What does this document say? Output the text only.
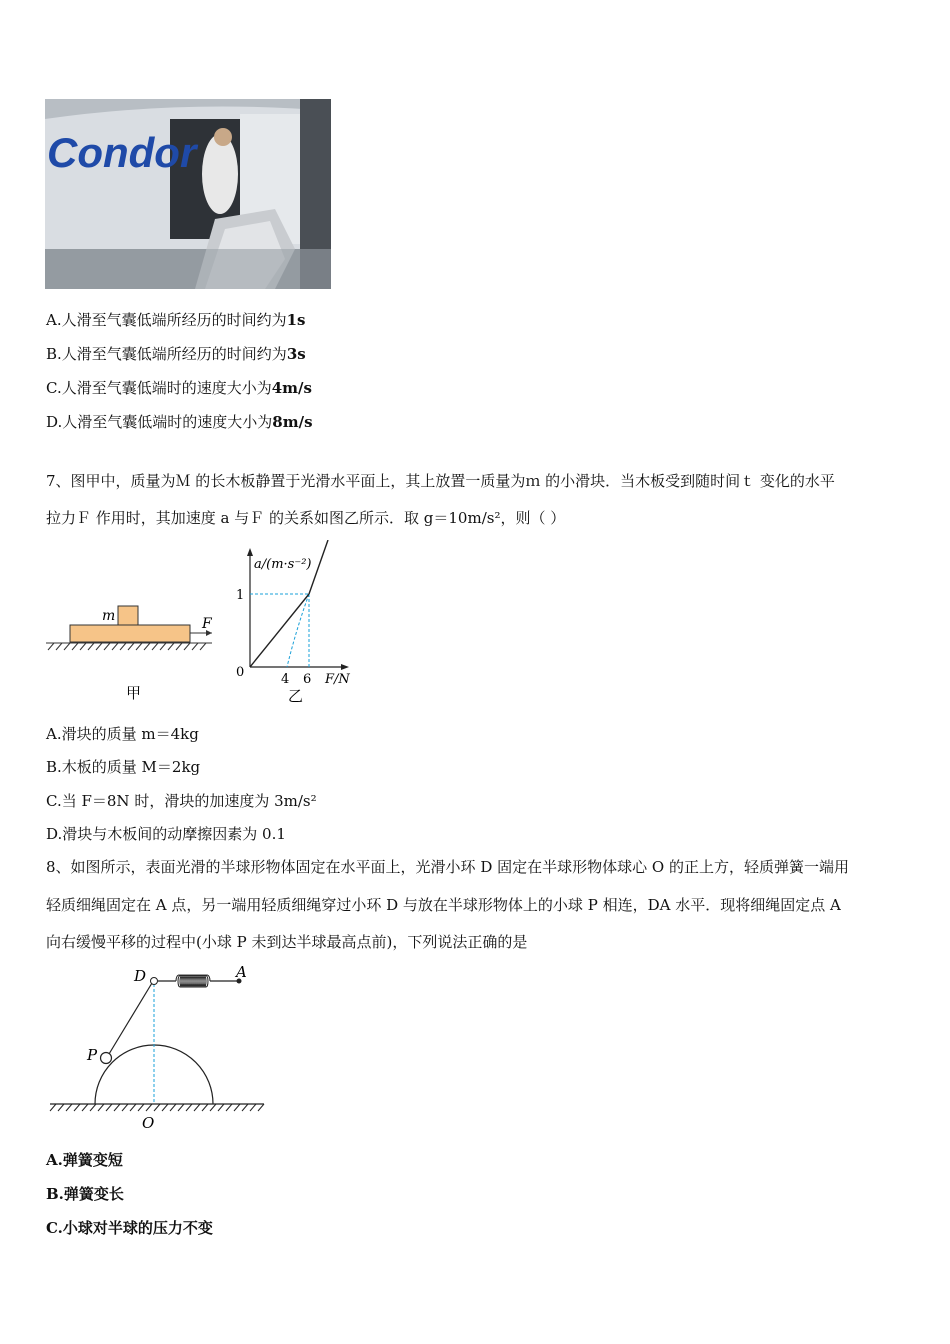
Condor
A.人滑至气囊低端所经历的时间约为1s
B.人滑至气囊低端所经历的时间约为3s
C.人滑至气囊低端时的速度大小为4m/s
D.人滑至气囊低端时的速度大小为8m/s
7、图甲中，质量为Ｍ 的长木板静置于光滑水平面上，其上放置一质量为ｍ 的小滑块．当木板受到随时间ｔ 变化的水平
拉力Ｆ 作用时，其加速度 a 与Ｆ 的关系如图乙所示．取 g＝10m/s²，则（ ）
m	F
甲
a/(m·s⁻²)
F/N
0
1
4 6
乙
A.滑块的质量 m＝4kg
B.木板的质量 M＝2kg
C.当 F＝8N 时，滑块的加速度为 3m/s²
D.滑块与木板间的动摩擦因素为 0.1
8、如图所示，表面光滑的半球形物体固定在水平面上，光滑小环 D 固定在半球形物体球心 O 的正上方，轻质弹簧一端用
轻质细绳固定在 A 点，另一端用轻质细绳穿过小环 D 与放在半球形物体上的小球 P 相连，DA 水平．现将细绳固定点 A
向右缓慢平移的过程中(小球 P 未到达半球最高点前)，下列说法正确的是
D	A
P
O
A.弹簧变短
B.弹簧变长
C.小球对半球的压力不变
